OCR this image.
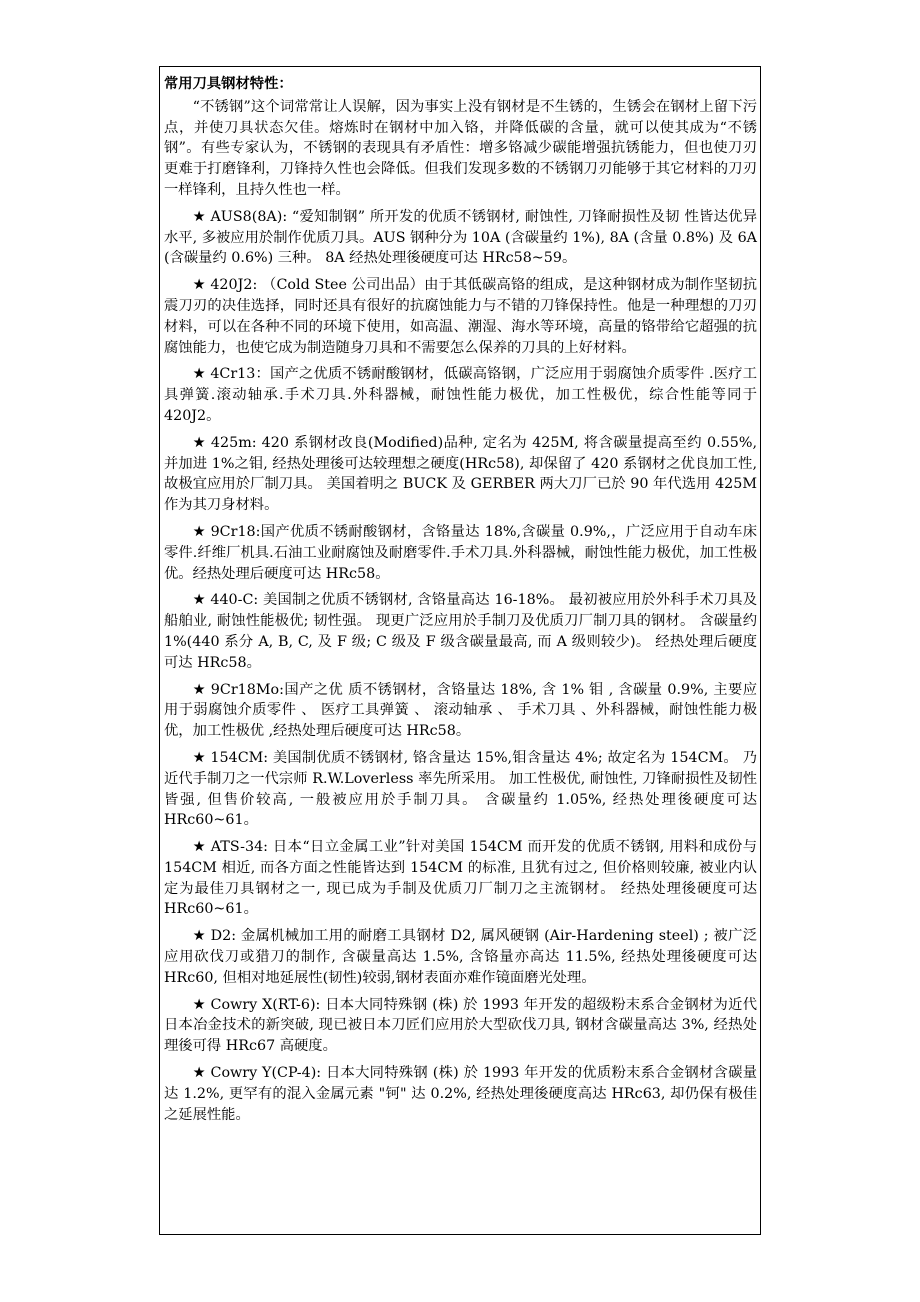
常用刀具钢材特性：

“不锈钢”这个词常常让人误解，因为事实上没有钢材是不生锈的，生锈会在钢材上留下污点，并使刀具状态欠佳。熔炼时在钢材中加入铬，并降低碳的含量，就可以使其成为“不锈钢”。有些专家认为，不锈钢的表现具有矛盾性：增多铬减少碳能增强抗锈能力，但也使刀刃更难于打磨锋利，刀锋持久性也会降低。但我们发现多数的不锈钢刀刃能够于其它材料的刀刃一样锋利，且持久性也一样。

★ AUS8(8A): “爱知制钢” 所开发的优质不锈钢材, 耐蚀性, 刀锋耐损性及韧 性皆达优异水平, 多被应用於制作优质刀具。AUS 钢种分为 10A (含碳量约 1%), 8A (含量 0.8%) 及 6A (含碳量约 0.6%) 三种。 8A 经热处理後硬度可达 HRc58~59。

★ 420J2: （Cold Stee 公司出品）由于其低碳高铬的组成，是这种钢材成为制作坚韧抗震刀刃的决佳选择，同时还具有很好的抗腐蚀能力与不错的刀锋保持性。他是一种理想的刀刃材料，可以在各种不同的环境下使用，如高温、潮湿、海水等环境，高量的铬带给它超强的抗腐蚀能力，也使它成为制造随身刀具和不需要怎么保养的刀具的上好材料。

★ 4Cr13：国产之优质不锈耐酸钢材，低碳高铬钢，广泛应用于弱腐蚀介质零件 .医疗工具弹簧.滚动轴承.手术刀具.外科器械，耐蚀性能力极优，加工性极优，综合性能等同于 420J2。

★ 425m: 420 系钢材改良(Modified)品种, 定名为 425M, 将含碳量提高至约 0.55%, 并加进 1%之钼, 经热处理後可达较理想之硬度(HRc58), 却保留了 420 系钢材之优良加工性, 故极宜应用於厂制刀具。 美国着明之 BUCK 及 GERBER 两大刀厂已於 90 年代选用 425M 作为其刀身材料。

★ 9Cr18:国产优质不锈耐酸钢材，含铬量达 18%,含碳量 0.9%,，广泛应用于自动车床零件.纤维厂机具.石油工业耐腐蚀及耐磨零件.手术刀具.外科器械，耐蚀性能力极优，加工性极优。经热处理后硬度可达 HRc58。

★ 440-C: 美国制之优质不锈钢材, 含铬量高达 16-18%。 最初被应用於外科手术刀具及船舶业, 耐蚀性能极优; 韧性强。 现更广泛应用於手制刀及优质刀厂制刀具的钢材。 含碳量约 1%(440 系分 A, B, C, 及 F 级; C 级及 F 级含碳量最高, 而 A 级则较少)。 经热处理后硬度可达 HRc58。

★ 9Cr18Mo:国产之优 质不锈钢材，含铬量达 18%, 含 1% 钼 , 含碳量 0.9%, 主要应用于弱腐蚀介质零件 、 医疗工具弹簧 、 滚动轴承 、 手术刀具 、外科器械，耐蚀性能力极优，加工性极优 ,经热处理后硬度可达 HRc58。

★ 154CM: 美国制优质不锈钢材, 铬含量达 15%,钼含量达 4%; 故定名为 154CM。 乃近代手制刀之一代宗师 R.W.Loverless 率先所采用。 加工性极优, 耐蚀性, 刀锋耐损性及韧性皆强, 但售价较高, 一般被应用於手制刀具。 含碳量约 1.05%, 经热处理後硬度可达 HRc60~61。

★ ATS-34: 日本“日立金属工业”针对美国 154CM 而开发的优质不锈钢, 用料和成份与 154CM 相近, 而各方面之性能皆达到 154CM 的标准, 且犹有过之, 但价格则较廉, 被业内认定为最佳刀具钢材之一, 现已成为手制及优质刀厂制刀之主流钢材。 经热处理後硬度可达 HRc60~61。

★ D2: 金属机械加工用的耐磨工具钢材 D2, 属风硬钢 (Air-Hardening steel) ; 被广泛应用砍伐刀或猎刀的制作, 含碳量高达 1.5%, 含铬量亦高达 11.5%, 经热处理後硬度可达 HRc60, 但相对地延展性(韧性)较弱,钢材表面亦难作镜面磨光处理。

★ Cowry X(RT-6): 日本大同特殊钢 (株) 於 1993 年开发的超级粉末系合金钢材为近代日本冶金技术的新突破, 现已被日本刀匠们应用於大型砍伐刀具, 钢材含碳量高达 3%, 经热处理後可得 HRc67 高硬度。

★ Cowry Y(CP-4): 日本大同特殊钢 (株) 於 1993 年开发的优质粉末系合金钢材含碳量达 1.2%, 更罕有的混入金属元素 "钶" 达 0.2%, 经热处理後硬度高达 HRc63, 却仍保有极佳之延展性能。
